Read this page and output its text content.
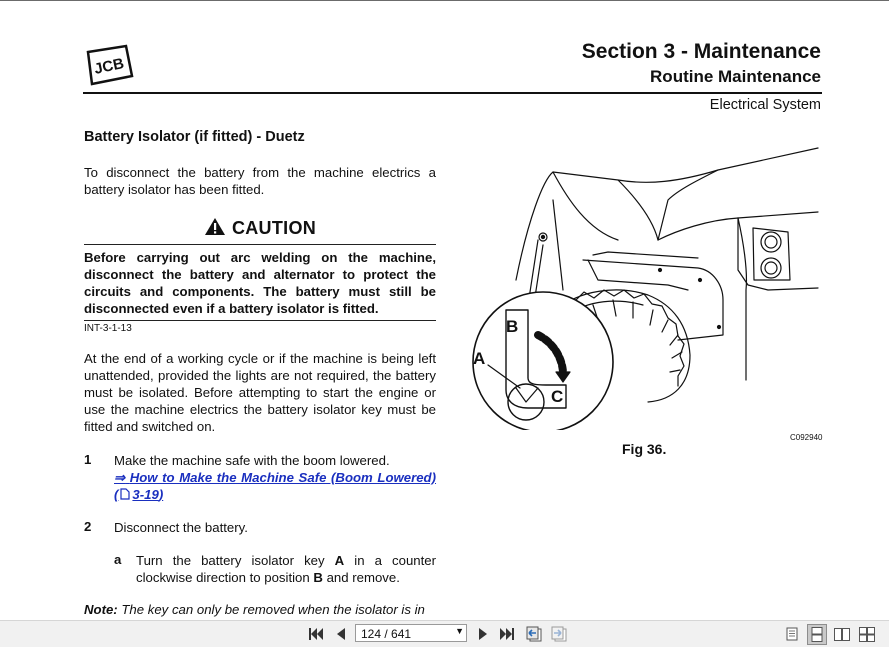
JCB
Section 3 - Maintenance
Routine Maintenance
Electrical System
Battery Isolator (if fitted) - Duetz
To disconnect the battery from the machine electrics a battery isolator has been fitted.
CAUTION
Before carrying out arc welding on the machine, disconnect the battery and alternator to protect the circuits and components. The battery must still be disconnected even if a battery isolator is fitted.
INT-3-1-13
At the end of a working cycle or if the machine is being left unattended, provided the lights are not required, the battery must be isolated. Before attempting to start the engine or use the machine electrics the battery isolator key must be fitted and switched on.
1 Make the machine safe with the boom lowered.

⇒ How to Make the Machine Safe (Boom Lowered) ( 3-19)
2 Disconnect the battery.
a Turn the battery isolator key A in a counter clockwise direction to position B and remove.
Note: The key can only be removed when the isolator is in
B
A
C
C092940
Fig 36.
124 / 641	▼
